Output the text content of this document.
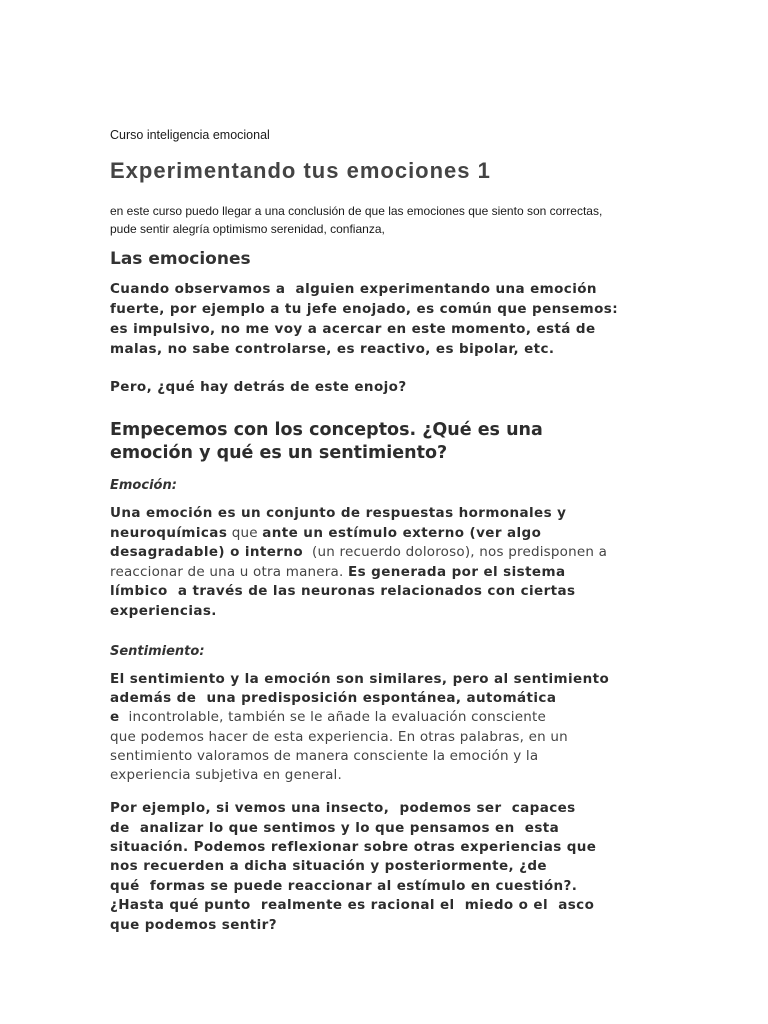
Curso inteligencia emocional
Experimentando tus emociones 1
en este curso puedo llegar a una conclusión de que las emociones que siento son correctas,
pude sentir alegría optimismo serenidad, confianza,
Las emociones
Cuando observamos a  alguien experimentando una emoción
fuerte, por ejemplo a tu jefe enojado, es común que pensemos:
es impulsivo, no me voy a acercar en este momento, está de
malas, no sabe controlarse, es reactivo, es bipolar, etc.
Pero, ¿qué hay detrás de este enojo?
Empecemos con los conceptos. ¿Qué es una
emoción y qué es un sentimiento?
Emoción:
Una emoción es un conjunto de respuestas hormonales y
neuroquímicas que ante un estímulo externo (ver algo
desagradable) o interno  (un recuerdo doloroso), nos predisponen a
reaccionar de una u otra manera. Es generada por el sistema
límbico  a través de las neuronas relacionados con ciertas
experiencias.
Sentimiento:
El sentimiento y la emoción son similares, pero al sentimiento
además de  una predisposición espontánea, automática
e  incontrolable, también se le añade la evaluación consciente
que podemos hacer de esta experiencia. En otras palabras, en un
sentimiento valoramos de manera consciente la emoción y la
experiencia subjetiva en general.
Por ejemplo, si vemos una insecto,  podemos ser  capaces
de  analizar lo que sentimos y lo que pensamos en  esta
situación. Podemos reflexionar sobre otras experiencias que
nos recuerden a dicha situación y posteriormente, ¿de
qué  formas se puede reaccionar al estímulo en cuestión?.
¿Hasta qué punto  realmente es racional el  miedo o el  asco
que podemos sentir?
